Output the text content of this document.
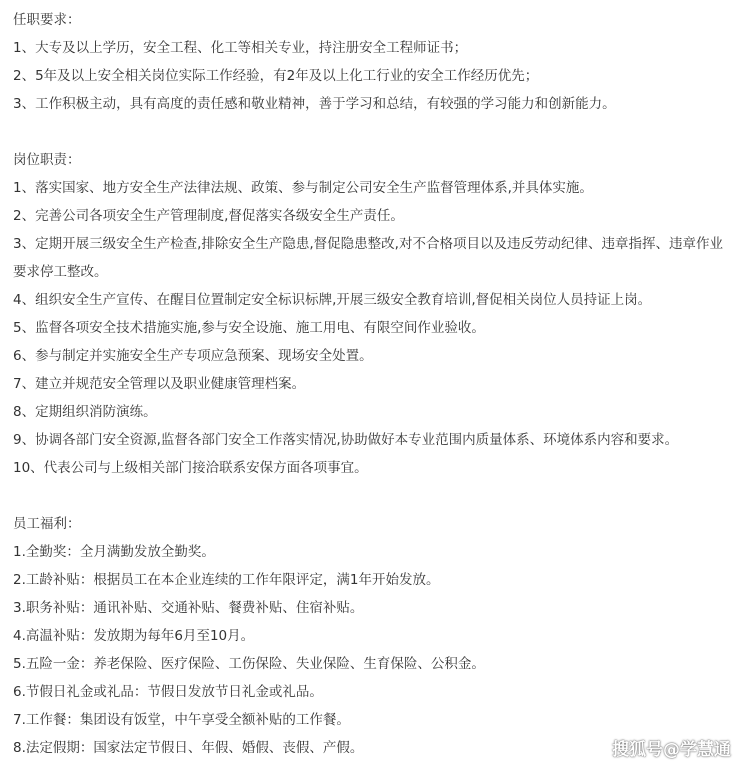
任职要求：
1、大专及以上学历，安全工程、化工等相关专业，持注册安全工程师证书；
2、5年及以上安全相关岗位实际工作经验，有2年及以上化工行业的安全工作经历优先；
3、工作积极主动，具有高度的责任感和敬业精神，善于学习和总结，有较强的学习能力和创新能力。
岗位职责：
1、落实国家、地方安全生产法律法规、政策、参与制定公司安全生产监督管理体系,并具体实施。
2、完善公司各项安全生产管理制度,督促落实各级安全生产责任。
3、定期开展三级安全生产检查,排除安全生产隐患,督促隐患整改,对不合格项目以及违反劳动纪律、违章指挥、违章作业要求停工整改。
4、组织安全生产宣传、在醒目位置制定安全标识标牌,开展三级安全教育培训,督促相关岗位人员持证上岗。
5、监督各项安全技术措施实施,参与安全设施、施工用电、有限空间作业验收。
6、参与制定并实施安全生产专项应急预案、现场安全处置。
7、建立并规范安全管理以及职业健康管理档案。
8、定期组织消防演练。
9、协调各部门安全资源,监督各部门安全工作落实情况,协助做好本专业范围内质量体系、环境体系内容和要求。
10、代表公司与上级相关部门接洽联系安保方面各项事宜。
员工福利：
1.全勤奖：全月满勤发放全勤奖。
2.工龄补贴：根据员工在本企业连续的工作年限评定，满1年开始发放。
3.职务补贴：通讯补贴、交通补贴、餐费补贴、住宿补贴。
4.高温补贴：发放期为每年6月至10月。
5.五险一金：养老保险、医疗保险、工伤保险、失业保险、生育保险、公积金。
6.节假日礼金或礼品：节假日发放节日礼金或礼品。
7.工作餐：集团设有饭堂，中午享受全额补贴的工作餐。
8.法定假期：国家法定节假日、年假、婚假、丧假、产假。	搜狐号@学慧通
